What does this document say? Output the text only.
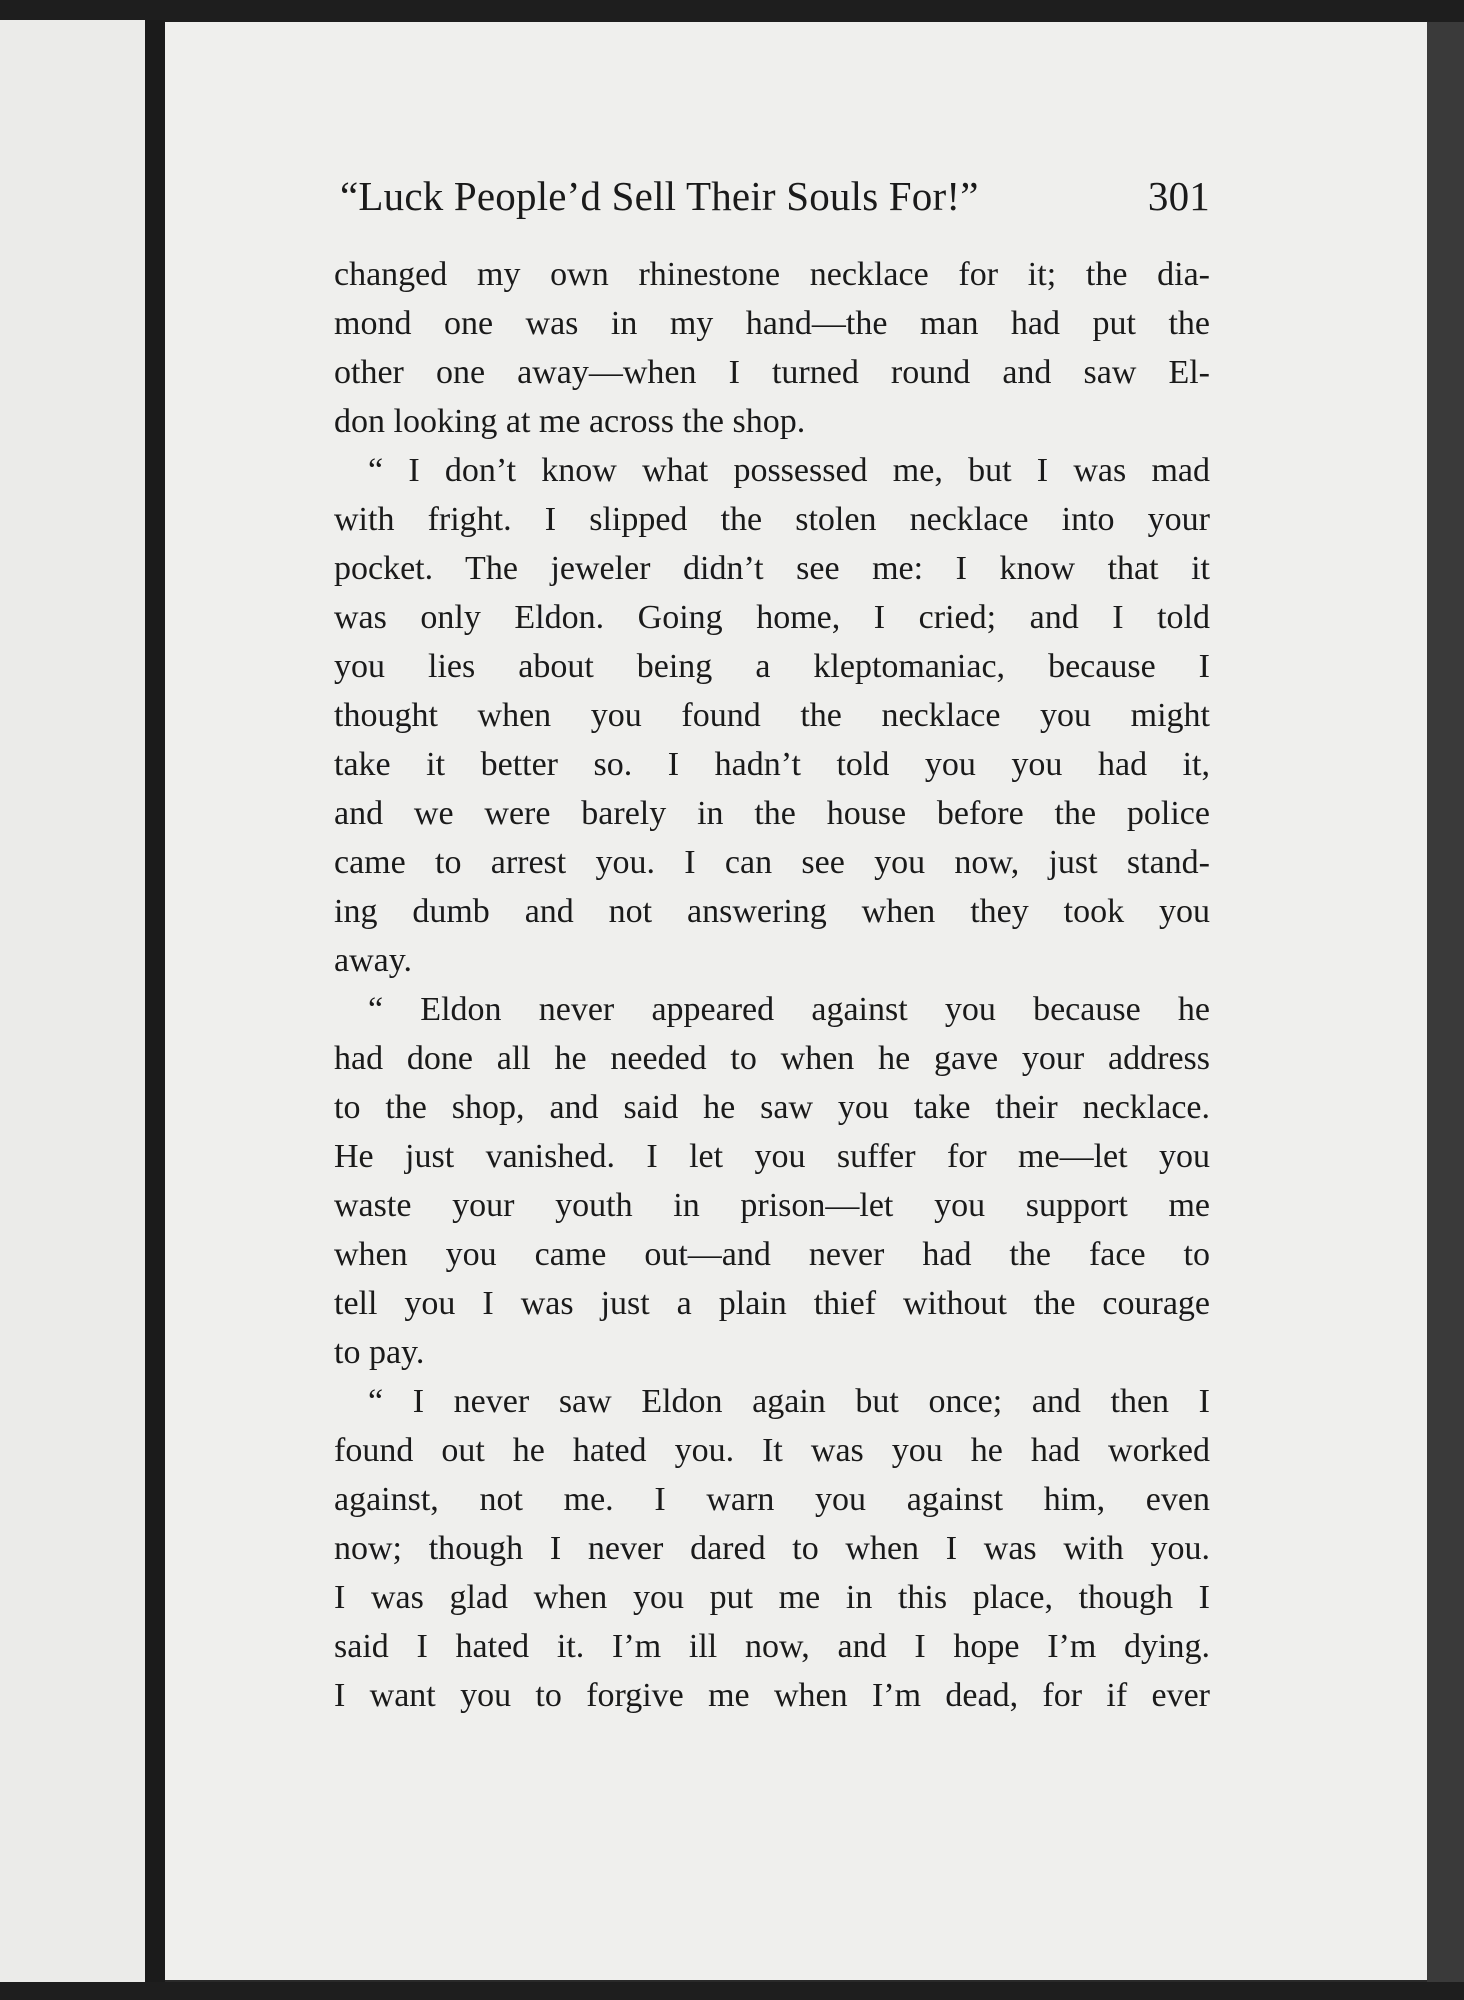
“Luck People’d Sell Their Souls For!”	301
changed my own rhinestone necklace for it; the dia-
mond one was in my hand—the man had put the
other one away—when I turned round and saw El-
don looking at me across the shop.
“ I don’t know what possessed me, but I was mad
with fright. I slipped the stolen necklace into your
pocket. The jeweler didn’t see me: I know that it
was only Eldon. Going home, I cried; and I told
you lies about being a kleptomaniac, because I
thought when you found the necklace you might
take it better so. I hadn’t told you you had it,
and we were barely in the house before the police
came to arrest you. I can see you now, just stand-
ing dumb and not answering when they took you
away.
“ Eldon never appeared against you because he
had done all he needed to when he gave your address
to the shop, and said he saw you take their necklace.
He just vanished. I let you suffer for me—let you
waste your youth in prison—let you support me
when you came out—and never had the face to
tell you I was just a plain thief without the courage
to pay.
“ I never saw Eldon again but once; and then I
found out he hated you. It was you he had worked
against, not me. I warn you against him, even
now; though I never dared to when I was with you.
I was glad when you put me in this place, though I
said I hated it. I’m ill now, and I hope I’m dying.
I want you to forgive me when I’m dead, for if ever
